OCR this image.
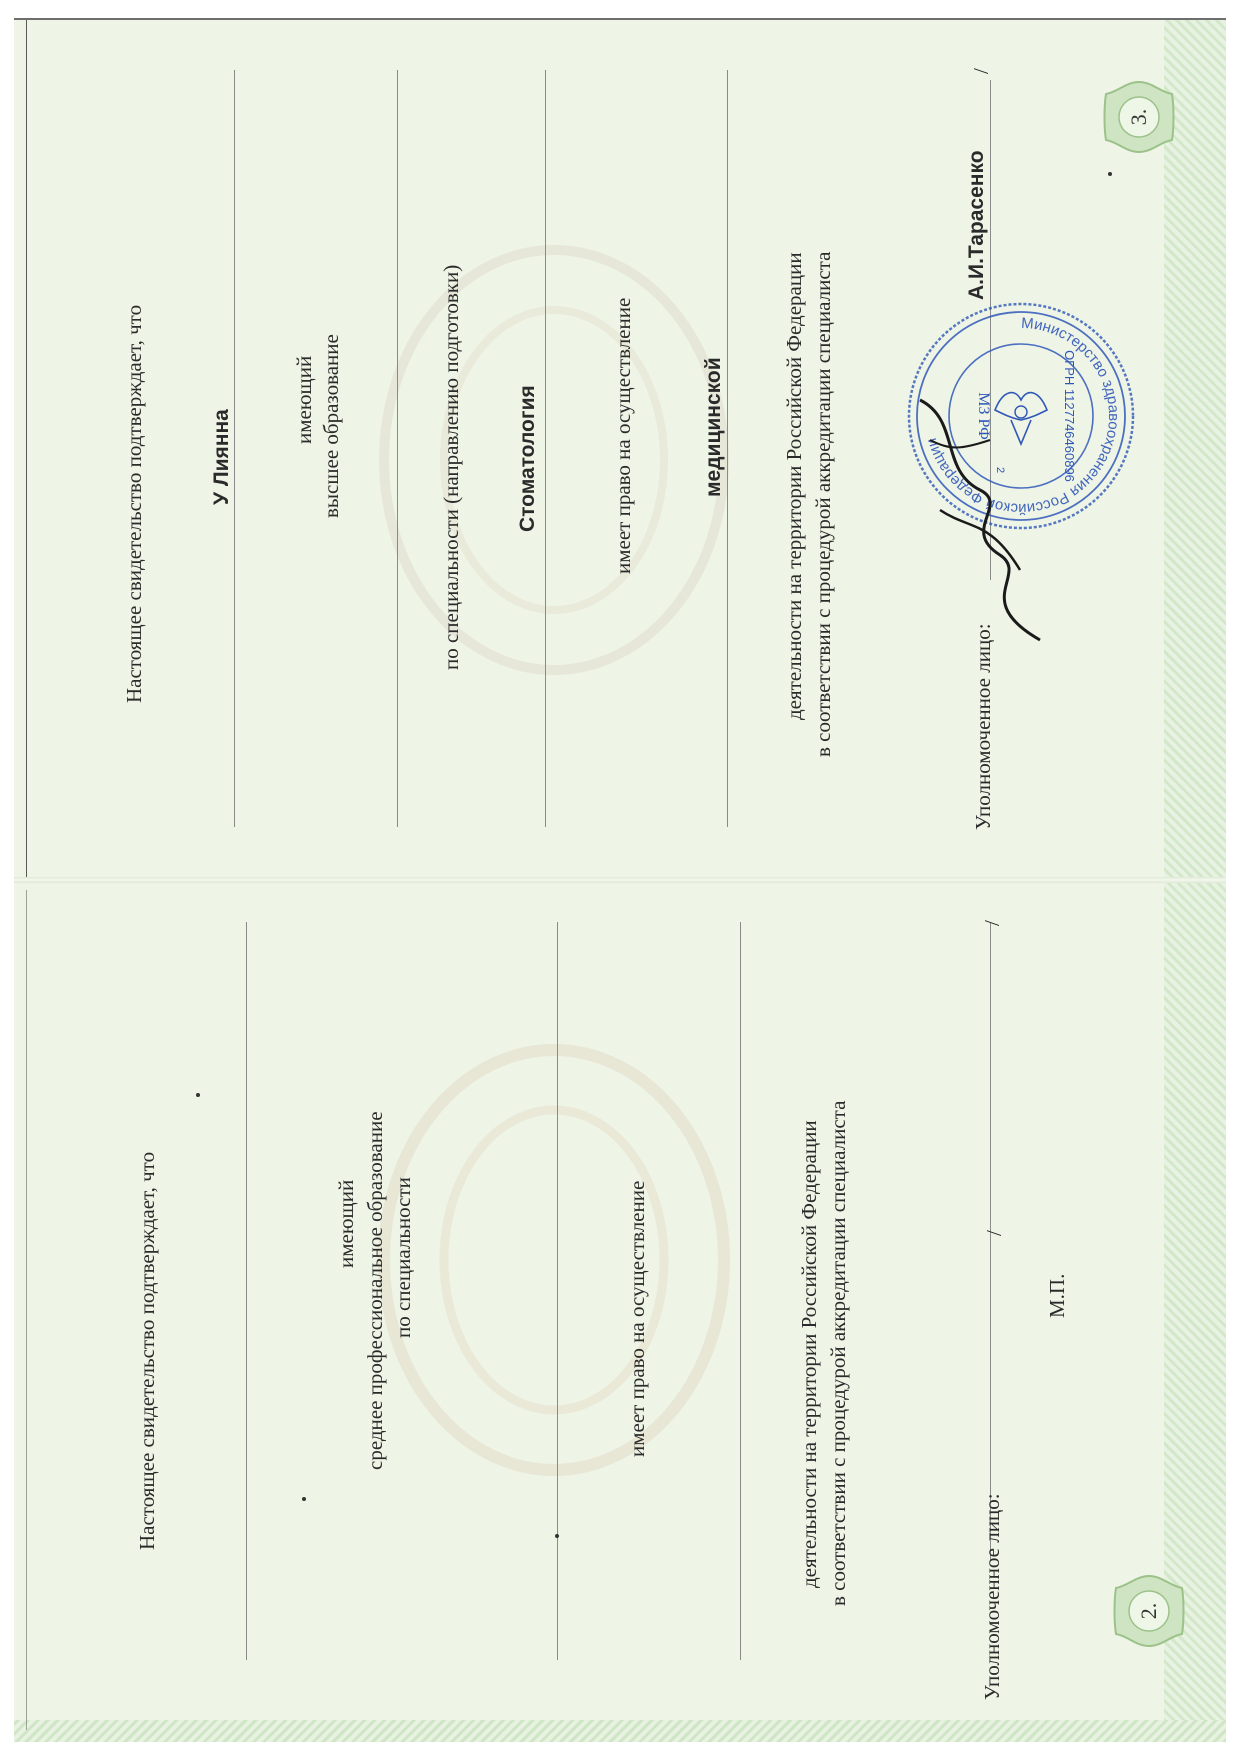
Настоящее свидетельство подтверждает, что	У Лиянна
имеющий высшее образование	по специальности (направлению подготовки)	Стоматология	имеет право на осуществление	медицинской	деятельности на территории Российской Федерации в соответствии с процедурой аккредитации специалиста	Уполномоченное лицо:
А.И.Тарасенко
/
Министерство здравоохранения Российской Федерации	ОГРН 1127746460896
МЗ РФ
2
3.
Настоящее свидетельство подтверждает, что	имеющий среднее профессиональное образование по специальности	имеет право на осуществление	деятельности на территории Российской Федерации в соответствии с процедурой аккредитации специалиста	Уполномоченное лицо:
М.П.
/
/
2.
